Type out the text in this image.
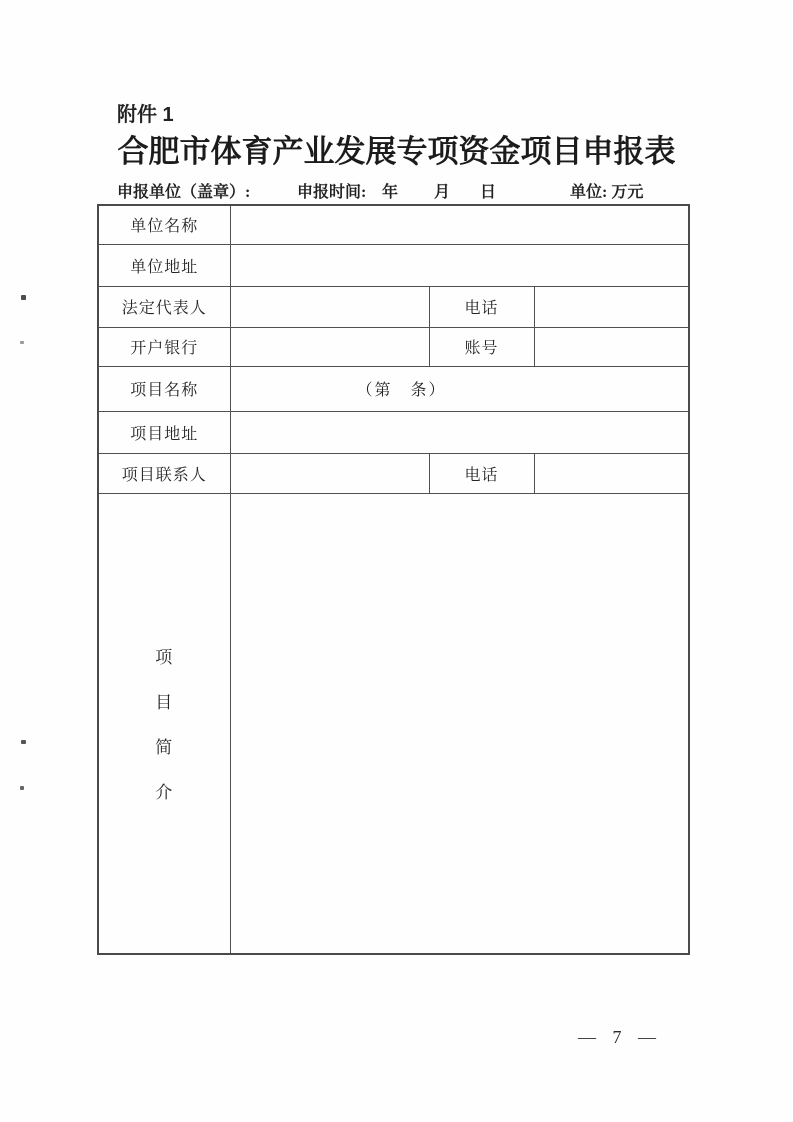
附件 1
合肥市体育产业发展专项资金项目申报表
申报单位（盖章）:	申报时间: 年 月 日	单位: 万元
单位名称			
单位地址			
法定代表人		电话	
开户银行		账号	
项目名称	（第　条）		
项目地址			
项目联系人		电话	

项
目
简
介			

— 7 —
